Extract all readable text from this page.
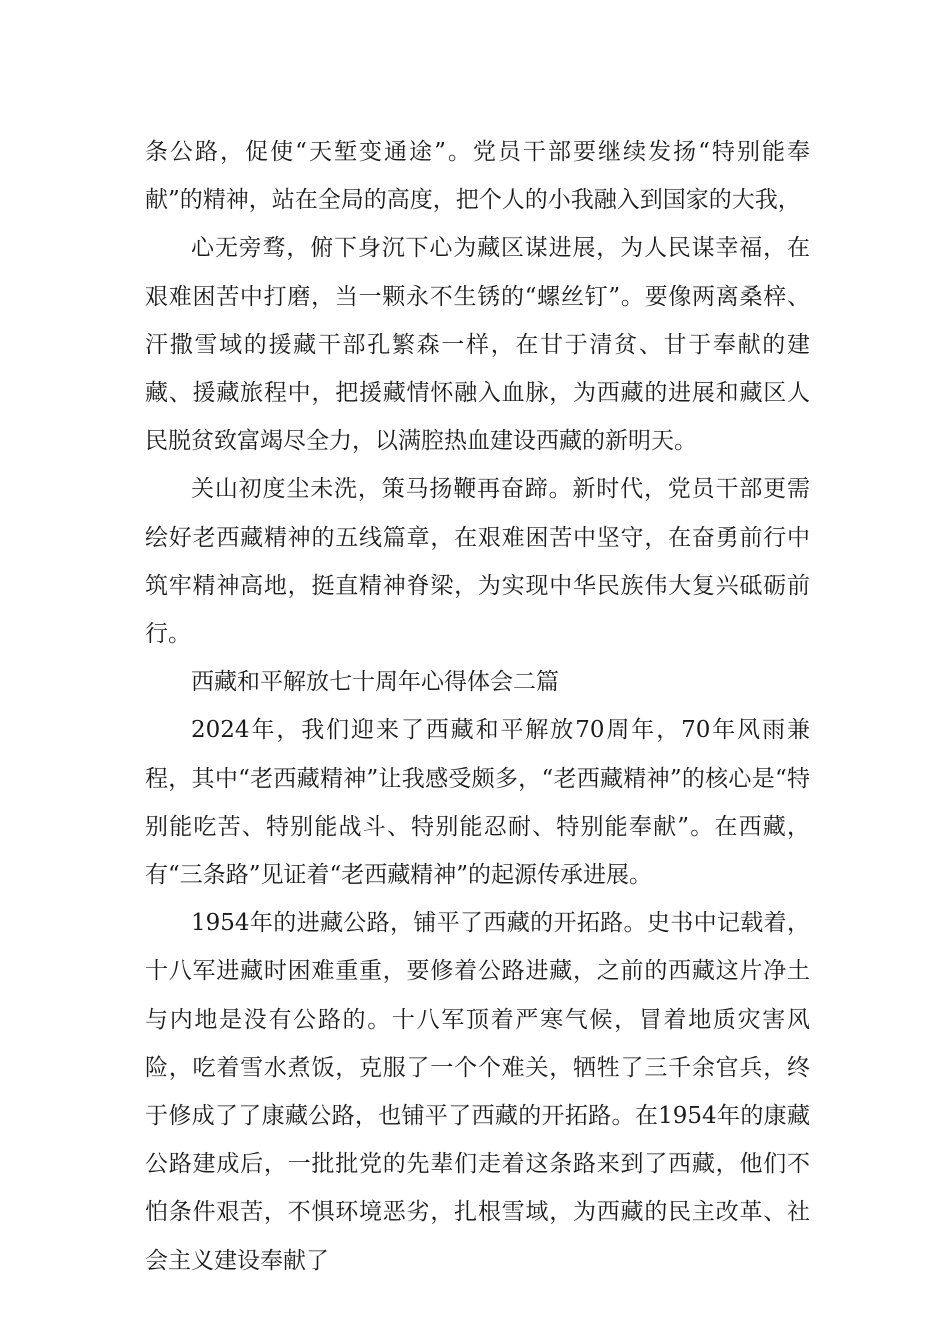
条公路，促使“天堑变通途”。党员干部要继续发扬“特别能奉献”的精神，站在全局的高度，把个人的小我融入到国家的大我，

心无旁骛，俯下身沉下心为藏区谋进展，为人民谋幸福，在艰难困苦中打磨，当一颗永不生锈的“螺丝钉”。要像两离桑梓、汗撒雪域的援藏干部孔繁森一样，在甘于清贫、甘于奉献的建藏、援藏旅程中，把援藏情怀融入血脉，为西藏的进展和藏区人民脱贫致富竭尽全力，以满腔热血建设西藏的新明天。

关山初度尘未洗，策马扬鞭再奋蹄。新时代，党员干部更需绘好老西藏精神的五线篇章，在艰难困苦中坚守，在奋勇前行中筑牢精神高地，挺直精神脊梁，为实现中华民族伟大复兴砥砺前行。

西藏和平解放七十周年心得体会二篇

2024年，我们迎来了西藏和平解放70周年，70年风雨兼程，其中“老西藏精神”让我感受颇多，“老西藏精神”的核心是“特别能吃苦、特别能战斗、特别能忍耐、特别能奉献”。在西藏，有“三条路”见证着“老西藏精神”的起源传承进展。

1954年的进藏公路，铺平了西藏的开拓路。史书中记载着，十八军进藏时困难重重，要修着公路进藏，之前的西藏这片净土与内地是没有公路的。十八军顶着严寒气候，冒着地质灾害风险，吃着雪水煮饭，克服了一个个难关，牺牲了三千余官兵，终于修成了了康藏公路，也铺平了西藏的开拓路。在1954年的康藏公路建成后，一批批党的先辈们走着这条路来到了西藏，他们不怕条件艰苦，不惧环境恶劣，扎根雪域，为西藏的民主改革、社会主义建设奉献了
